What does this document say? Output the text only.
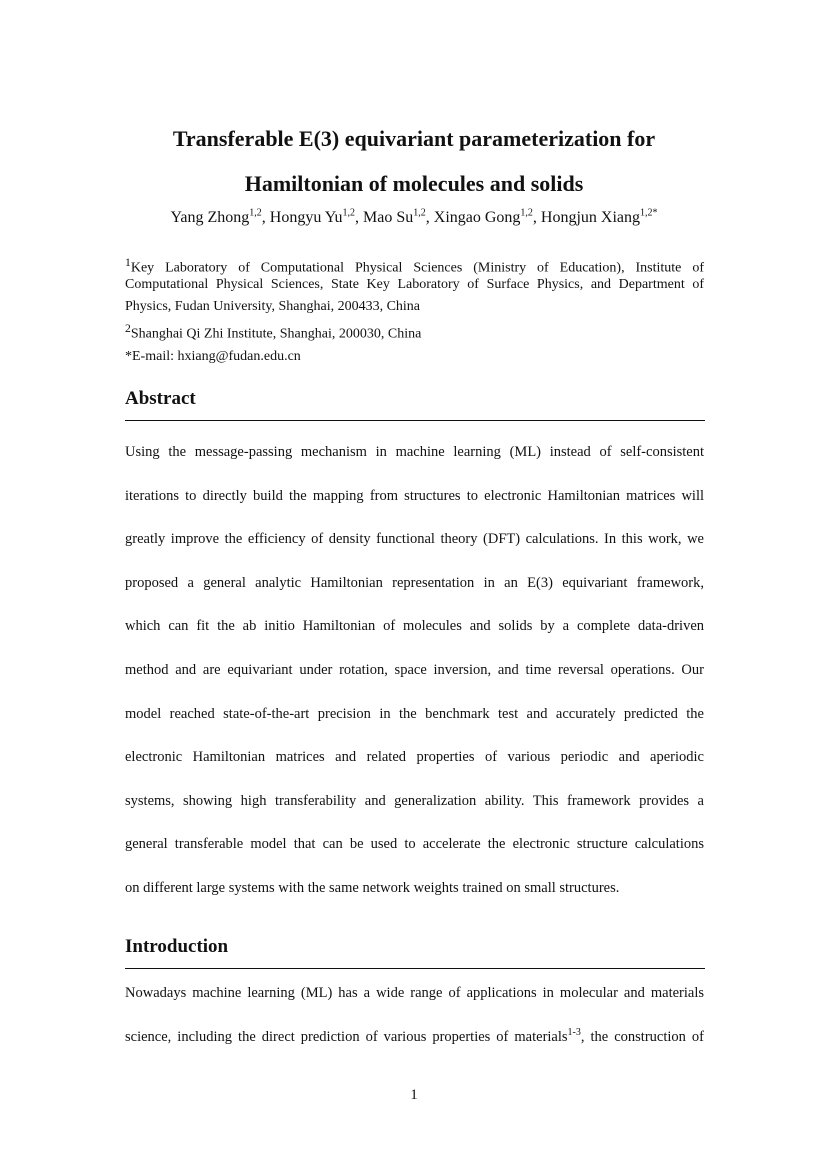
Transferable E(3) equivariant parameterization for
Hamiltonian of molecules and solids
Yang Zhong$^{1,2}$, Hongyu Yu$^{1,2}$, Mao Su$^{1,2}$, Xingao Gong$^{1,2}$, Hongjun Xiang$^{1,2*}$
$^1$Key Laboratory of Computational Physical Sciences (Ministry of Education), Institute of
Computational Physical Sciences, State Key Laboratory of Surface Physics, and Department of
Physics, Fudan University, Shanghai, 200433, China
$^2$Shanghai Qi Zhi Institute, Shanghai, 200030, China
*E-mail: hxiang@fudan.edu.cn
Abstract
Using the message-passing mechanism in machine learning (ML) instead of self-consistent
iterations to directly build the mapping from structures to electronic Hamiltonian matrices will
greatly improve the efficiency of density functional theory (DFT) calculations. In this work, we
proposed a general analytic Hamiltonian representation in an E(3) equivariant framework,
which can fit the ab initio Hamiltonian of molecules and solids by a complete data-driven
method and are equivariant under rotation, space inversion, and time reversal operations. Our
model reached state-of-the-art precision in the benchmark test and accurately predicted the
electronic Hamiltonian matrices and related properties of various periodic and aperiodic
systems, showing high transferability and generalization ability. This framework provides a
general transferable model that can be used to accelerate the electronic structure calculations
on different large systems with the same network weights trained on small structures.
Introduction
Nowadays machine learning (ML) has a wide range of applications in molecular and materials
science, including the direct prediction of various properties of materials$^{1-3}$, the construction of
1
